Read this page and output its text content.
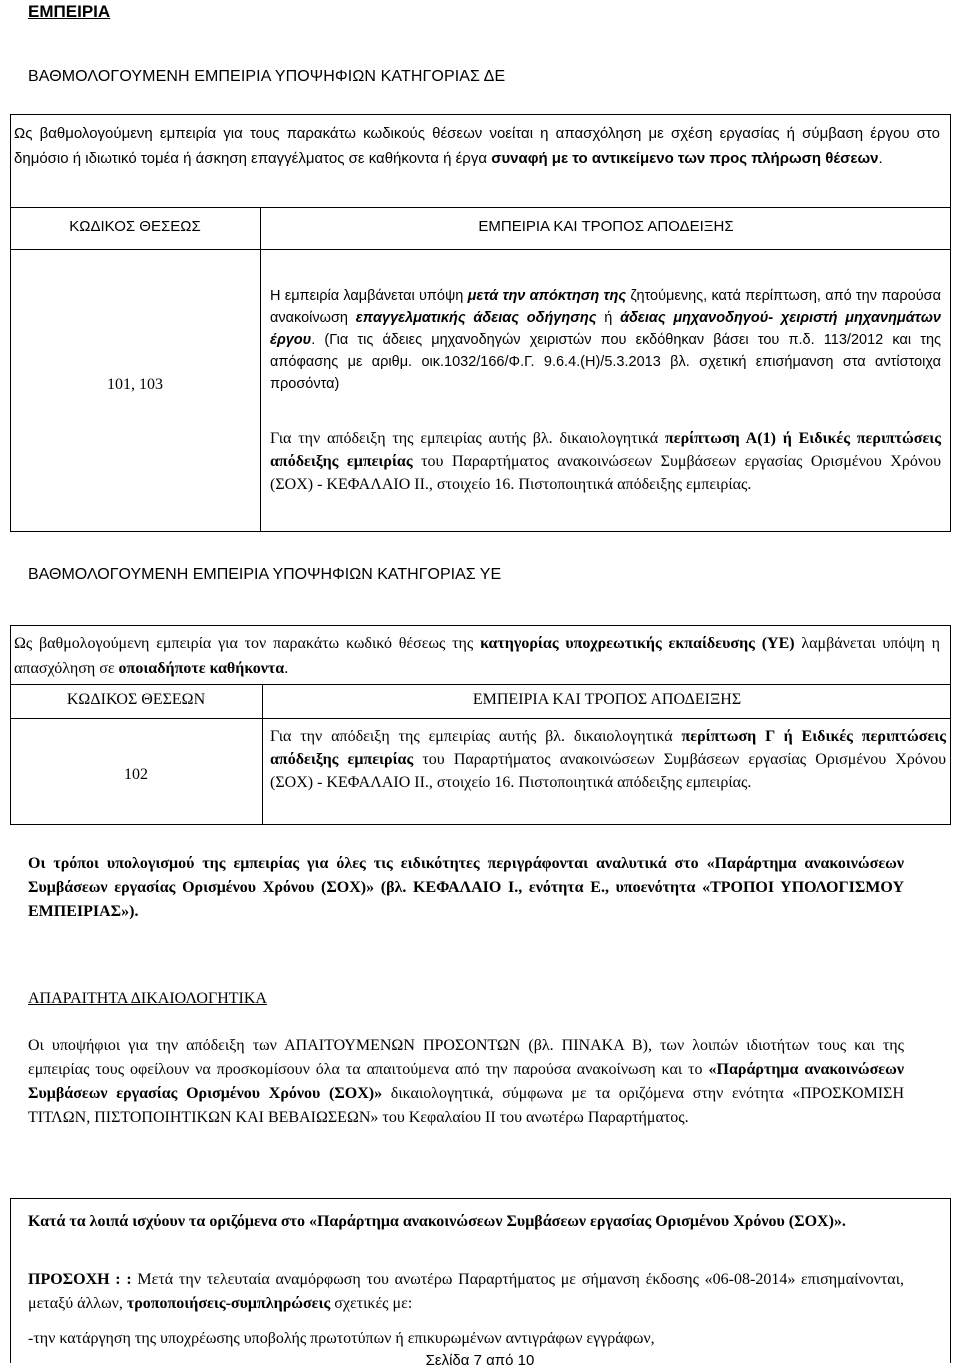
ΕΜΠΕΙΡΙΑ
ΒΑΘΜΟΛΟΓΟΥΜΕΝΗ ΕΜΠΕΙΡΙΑ ΥΠΟΨΗΦΙΩΝ ΚΑΤΗΓΟΡΙΑΣ ΔΕ
Ως βαθμολογούμενη εμπειρία για τους παρακάτω κωδικούς θέσεων νοείται η απασχόληση με σχέση εργασίας ή σύμβαση έργου στο δημόσιο ή ιδιωτικό τομέα ή άσκηση επαγγέλματος σε καθήκοντα ή έργα συναφή με το αντικείμενο των προς πλήρωση θέσεων.
ΚΩΔΙΚΟΣ ΘΕΣΕΩΣ	ΕΜΠΕΙΡΙΑ ΚΑΙ ΤΡΟΠΟΣ ΑΠΟΔΕΙΞΗΣ
101, 103
Η εμπειρία λαμβάνεται υπόψη μετά την απόκτηση της ζητούμενης, κατά περίπτωση, από την παρούσα ανακοίνωση επαγγελματικής άδειας οδήγησης ή άδειας μηχανοδηγού- χειριστή μηχανημάτων έργου. (Για τις άδειες μηχανοδηγών χειριστών που εκδόθηκαν βάσει του π.δ. 113/2012 και της απόφασης με αριθμ. οικ.1032/166/Φ.Γ. 9.6.4.(Η)/5.3.2013 βλ. σχετική επισήμανση στα αντίστοιχα προσόντα)
Για την απόδειξη της εμπειρίας αυτής βλ. δικαιολογητικά περίπτωση Α(1) ή Ειδικές περιπτώσεις απόδειξης εμπειρίας του Παραρτήματος ανακοινώσεων Συμβάσεων εργασίας Ορισμένου Χρόνου (ΣΟΧ) - ΚΕΦΑΛΑΙΟ ΙΙ., στοιχείο 16. Πιστοποιητικά απόδειξης εμπειρίας.
ΒΑΘΜΟΛΟΓΟΥΜΕΝΗ ΕΜΠΕΙΡΙΑ ΥΠΟΨΗΦΙΩΝ ΚΑΤΗΓΟΡΙΑΣ ΥΕ
Ως βαθμολογούμενη εμπειρία για τον παρακάτω κωδικό θέσεως της κατηγορίας υποχρεωτικής εκπαίδευσης (ΥΕ) λαμβάνεται υπόψη η απασχόληση σε οποιαδήποτε καθήκοντα.
ΚΩΔΙΚΟΣ ΘΕΣΕΩΝ	ΕΜΠΕΙΡΙΑ ΚΑΙ ΤΡΟΠΟΣ ΑΠΟΔΕΙΞΗΣ
102
Για την απόδειξη της εμπειρίας αυτής βλ. δικαιολογητικά περίπτωση Γ ή Ειδικές περιπτώσεις απόδειξης εμπειρίας του Παραρτήματος ανακοινώσεων Συμβάσεων εργασίας Ορισμένου Χρόνου (ΣΟΧ) - ΚΕΦΑΛΑΙΟ ΙΙ., στοιχείο 16. Πιστοποιητικά απόδειξης εμπειρίας.
Οι τρόποι υπολογισμού της εμπειρίας για όλες τις ειδικότητες περιγράφονται αναλυτικά στο «Παράρτημα ανακοινώσεων Συμβάσεων εργασίας Ορισμένου Χρόνου (ΣΟΧ)» (βλ. ΚΕΦΑΛΑΙΟ Ι., ενότητα Ε., υποενότητα «ΤΡΟΠΟΙ ΥΠΟΛΟΓΙΣΜΟΥ ΕΜΠΕΙΡΙΑΣ»).
ΑΠΑΡΑΙΤΗΤΑ ΔΙΚΑΙΟΛΟΓΗΤΙΚΑ
Οι υποψήφιοι για την απόδειξη των ΑΠΑΙΤΟΥΜΕΝΩΝ ΠΡΟΣΟΝΤΩΝ (βλ. ΠΙΝΑΚΑ Β), των λοιπών ιδιοτήτων τους και της εμπειρίας τους οφείλουν να προσκομίσουν όλα τα απαιτούμενα από την παρούσα ανακοίνωση και το «Παράρτημα ανακοινώσεων Συμβάσεων εργασίας Ορισμένου Χρόνου (ΣΟΧ)» δικαιολογητικά, σύμφωνα με τα οριζόμενα στην ενότητα «ΠΡΟΣΚΟΜΙΣΗ ΤΙΤΛΩΝ, ΠΙΣΤΟΠΟΙΗΤΙΚΩΝ ΚΑΙ ΒΕΒΑΙΩΣΕΩΝ» του Κεφαλαίου ΙΙ του ανωτέρω Παραρτήματος.
Κατά τα λοιπά ισχύουν τα οριζόμενα στο «Παράρτημα ανακοινώσεων Συμβάσεων εργασίας Ορισμένου Χρόνου (ΣΟΧ)».
ΠΡΟΣΟΧΗ : : Μετά την τελευταία αναμόρφωση του ανωτέρω Παραρτήματος με σήμανση έκδοσης «06-08-2014» επισημαίνονται, μεταξύ άλλων, τροποποιήσεις-συμπληρώσεις σχετικές με:
-την κατάργηση της υποχρέωσης υποβολής πρωτοτύπων ή επικυρωμένων αντιγράφων εγγράφων,
Σελίδα 7 από 10
